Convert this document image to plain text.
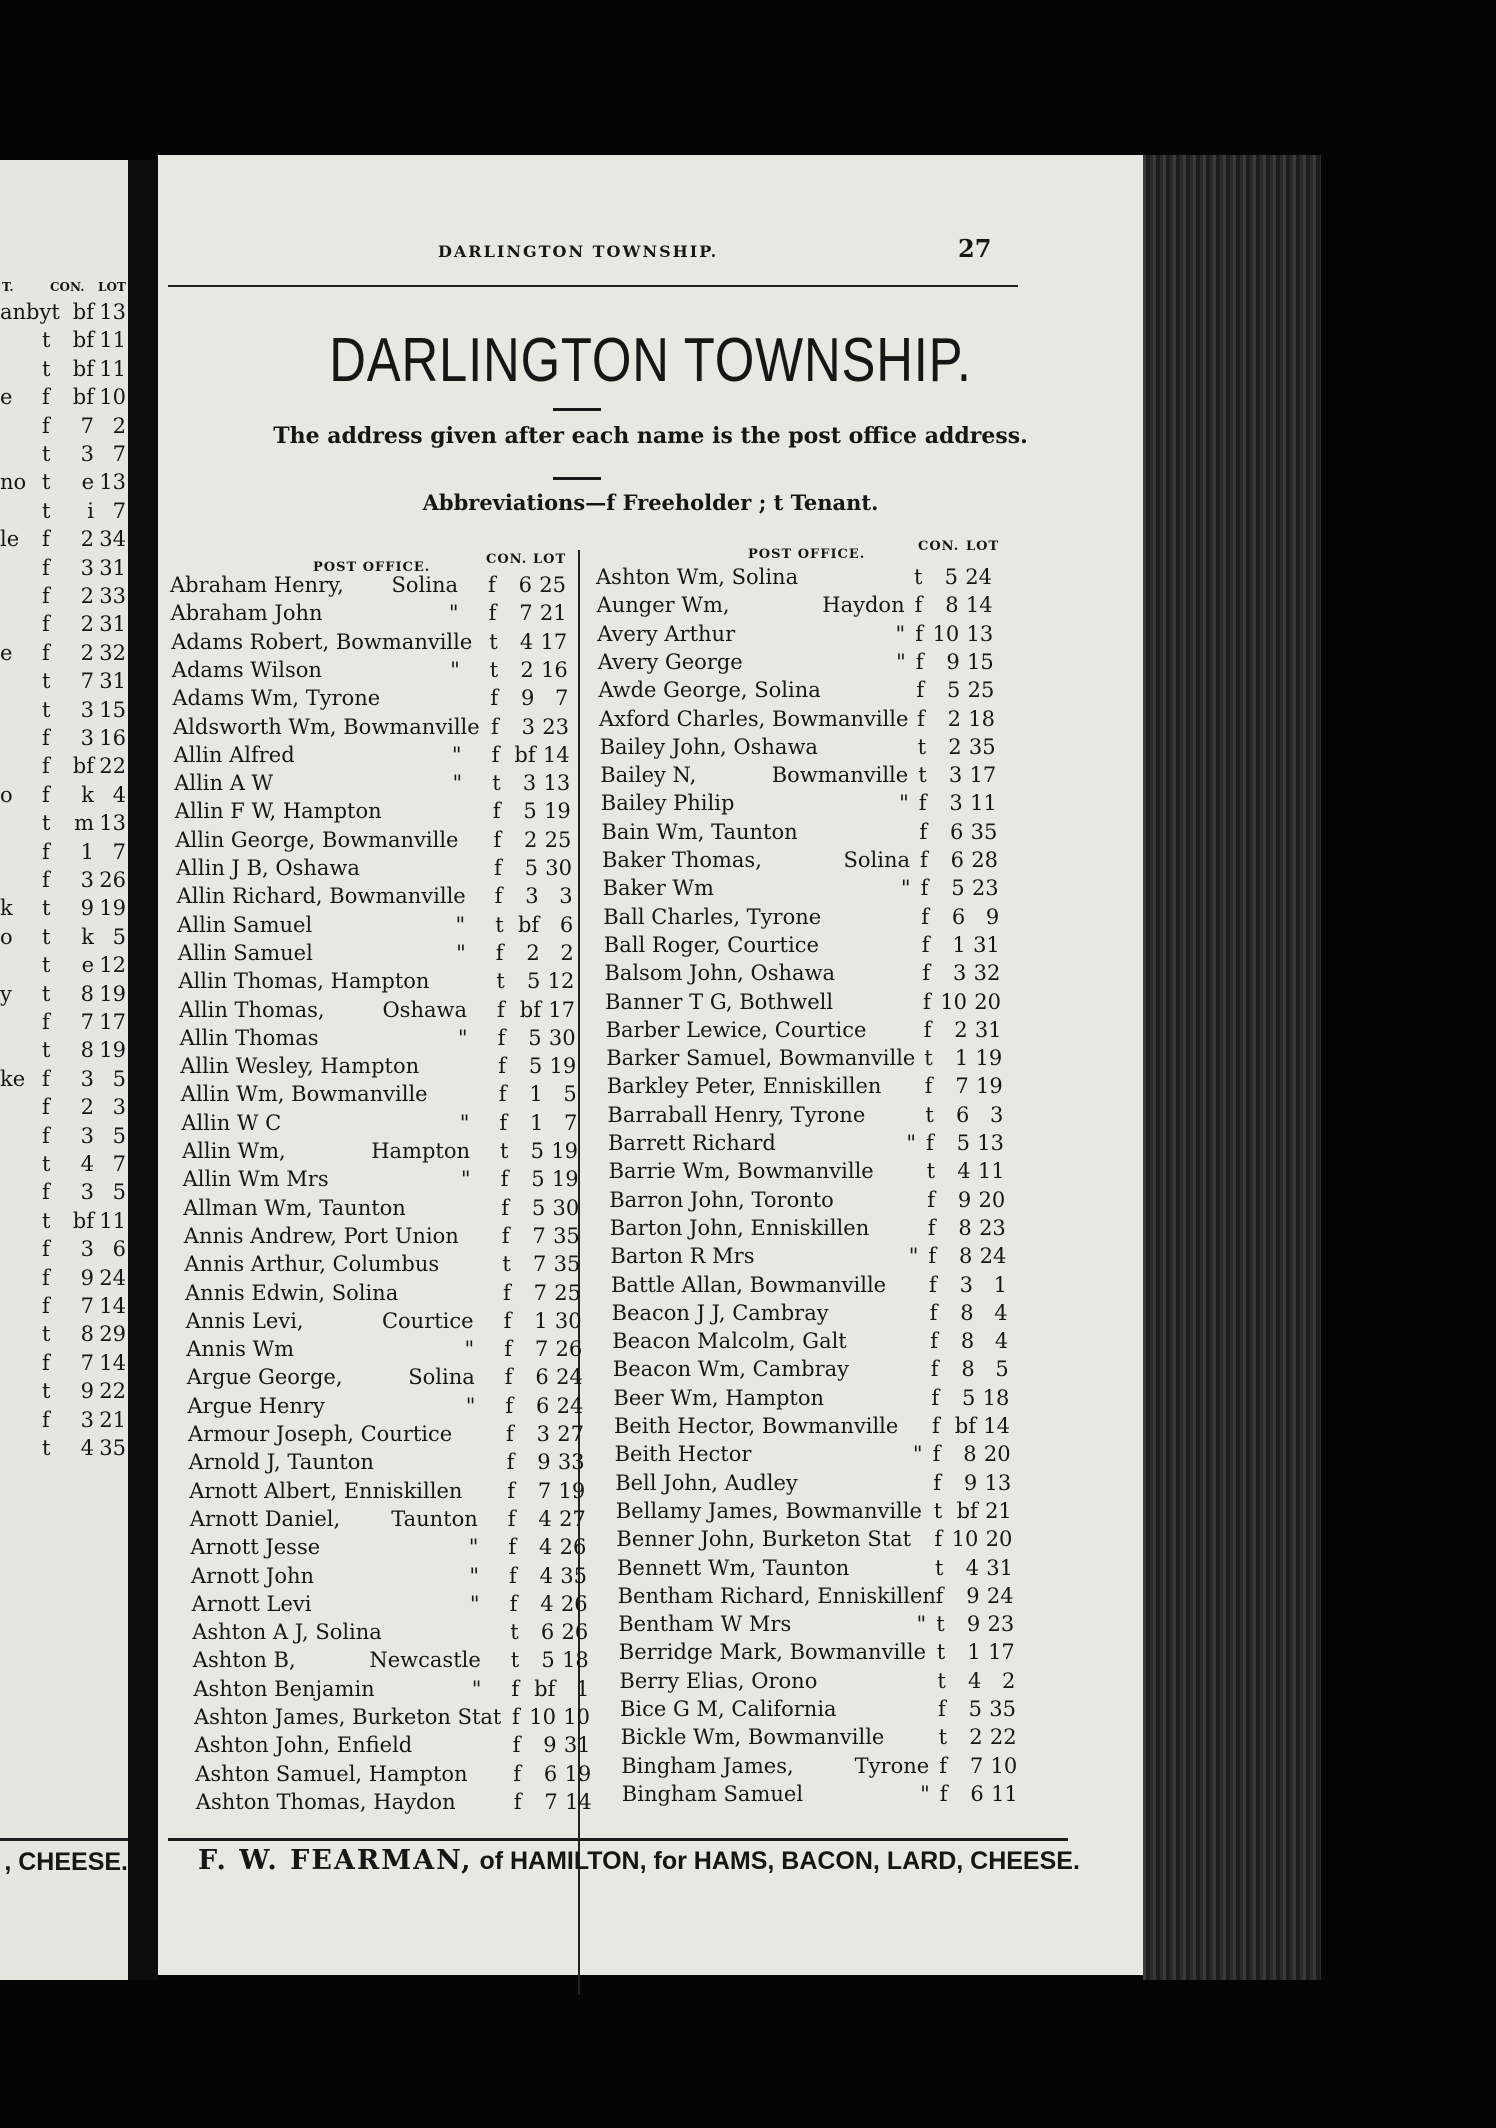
T.	CON. LOT
anbyt bf 13
t bf 11
t bf 11
e f bf 10
f	7 2
t	3 7
no t	e 13
t	i 7
le f	2 34
f	3 31
f	2 33
f	2 31
e f	2 32
t	7 31
t	3 15
f	3 16
f bf 22
o f	k 4
t m 13
f	1 7
f	3 26
k t	9 19
o t	k 5
t	e 12
y t	8 19
f	7 17
t	8 19
ke f	3 5
f	2 3
f	3 5
t	4 7
f	3 5
t bf 11
f	3 6
f	9 24
f	7 14
t	8 29
f	7 14
t	9 22
f	3 21
t	4 35
, CHEESE.
DARLINGTON TOWNSHIP.	27
DARLINGTON TOWNSHIP.
The address given after each name is the post office address.
Abbreviations—f Freeholder ; t Tenant.
POST OFFICE.
CON. LOT	POST OFFICE.
CON. LOT
Abraham Henry, Solina f	6 25
Abraham John	" f	7 21
Adams Robert, Bowmanville t	4 17
Adams Wilson	" t	2 16
Adams Wm, Tyrone	f	9 7
Aldsworth Wm, Bowmanville f	3 23
Allin Alfred	" f bf 14
Allin A W	" t	3 13
Allin F W, Hampton	f	5 19
Allin George, Bowmanville f	2 25
Allin J B, Oshawa	f	5 30
Allin Richard, Bowmanville f	3 3
Allin Samuel	" t bf 6
Allin Samuel	" f	2 2
Allin Thomas, Hampton	t	5 12
Allin Thomas,	Oshawa f bf 17
Allin Thomas	" f	5 30
Allin Wesley, Hampton	f	5 19
Allin Wm, Bowmanville	f	1 5
Allin W C	" f	1 7
Allin Wm,	Hampton t	5 19
Allin Wm Mrs	" f	5 19
Allman Wm, Taunton	f	5 30
Annis Andrew, Port Union f	7 35
Annis Arthur, Columbus	t	7 35
Annis Edwin, Solina	f	7 25
Annis Levi,	Courtice f	1 30
Annis Wm	" f	7 26
Argue George,	Solina f	6 24
Argue Henry	" f	6 24
Armour Joseph, Courtice	f	3 27
Arnold J, Taunton	f	9 33
Arnott Albert, Enniskillen f	7 19
Arnott Daniel, Taunton f	4 27
Arnott Jesse	" f	4 26
Arnott John	" f	4 35
Arnott Levi	" f	4 26
Ashton A J, Solina	t	6 26
Ashton B,	Newcastle t	5 18
Ashton Benjamin	" f bf 1
Ashton James, Burketon Stat f 10 10
Ashton John, Enfield	f	9 31
Ashton Samuel, Hampton f	6 19
Ashton Thomas, Haydon	f	7 14
Ashton Wm, Solina	t	5 24
Aunger Wm,	Haydon f	8 14
Avery Arthur	" f 10 13
Avery George	" f	9 15
Awde George, Solina	f	5 25
Axford Charles, Bowmanville f	2 18
Bailey John, Oshawa	t	2 35
Bailey N,	Bowmanville t	3 17
Bailey Philip	" f	3 11
Bain Wm, Taunton	f	6 35
Baker Thomas,	Solina f	6 28
Baker Wm	" f	5 23
Ball Charles, Tyrone	f	6 9
Ball Roger, Courtice	f	1 31
Balsom John, Oshawa	f	3 32
Banner T G, Bothwell	f 10 20
Barber Lewice, Courtice	f	2 31
Barker Samuel, Bowmanville t	1 19
Barkley Peter, Enniskillen f	7 19
Barraball Henry, Tyrone	t	6 3
Barrett Richard	" f	5 13
Barrie Wm, Bowmanville	t	4 11
Barron John, Toronto	f	9 20
Barton John, Enniskillen	f	8 23
Barton R Mrs	" f	8 24
Battle Allan, Bowmanville f	3 1
Beacon J J, Cambray	f	8 4
Beacon Malcolm, Galt	f	8 4
Beacon Wm, Cambray	f	8 5
Beer Wm, Hampton	f	5 18
Beith Hector, Bowmanville f bf 14
Beith Hector	" f	8 20
Bell John, Audley	f	9 13
Bellamy James, Bowmanville t bf 21
Benner John, Burketon Stat f 10 20
Bennett Wm, Taunton	t	4 31
Bentham Richard, Enniskillen f	9 24
Bentham W Mrs	" t	9 23
Berridge Mark, Bowmanville t	1 17
Berry Elias, Orono	t	4 2
Bice G M, California	f	5 35
Bickle Wm, Bowmanville	t	2 22
Bingham James,	Tyrone f	7 10
Bingham Samuel	" f	6 11
F. W. FEARMAN, of HAMILTON, for HAMS, BACON, LARD, CHEESE.
